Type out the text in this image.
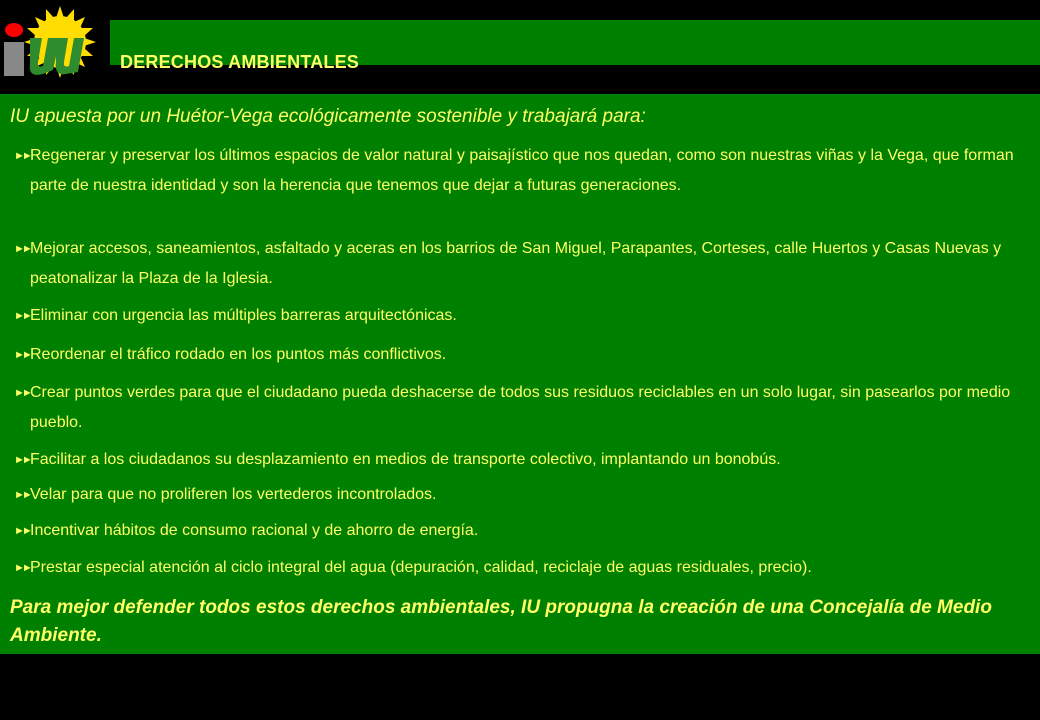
DERECHOS AMBIENTALES
IU apuesta por un Huétor-Vega ecológicamente sostenible y trabajará para:
►► Regenerar y preservar los últimos espacios de valor natural y paisajístico que nos quedan, como son nuestras viñas y la Vega, que forman parte de nuestra identidad y son la herencia que tenemos que dejar a futuras generaciones.
►► Mejorar accesos, saneamientos, asfaltado y aceras en los barrios de San Miguel, Parapantes, Corteses, calle Huertos y Casas Nuevas y peatonalizar la Plaza de la Iglesia.
►► Eliminar con urgencia las múltiples barreras arquitectónicas.
►► Reordenar el tráfico rodado en los puntos más conflictivos.
►► Crear puntos verdes para que el ciudadano pueda deshacerse de todos sus residuos reciclables en un solo lugar, sin pasearlos por medio pueblo.
►► Facilitar a los ciudadanos su desplazamiento en medios de transporte colectivo, implantando un bonobús.
►► Velar para que no proliferen los vertederos incontrolados.
►► Incentivar hábitos de consumo racional y de ahorro de energía.
►► Prestar especial atención al ciclo integral del agua (depuración, calidad, reciclaje de aguas residuales, precio).
Para mejor defender todos estos derechos ambientales, IU propugna la creación de una Concejalía de Medio Ambiente.
